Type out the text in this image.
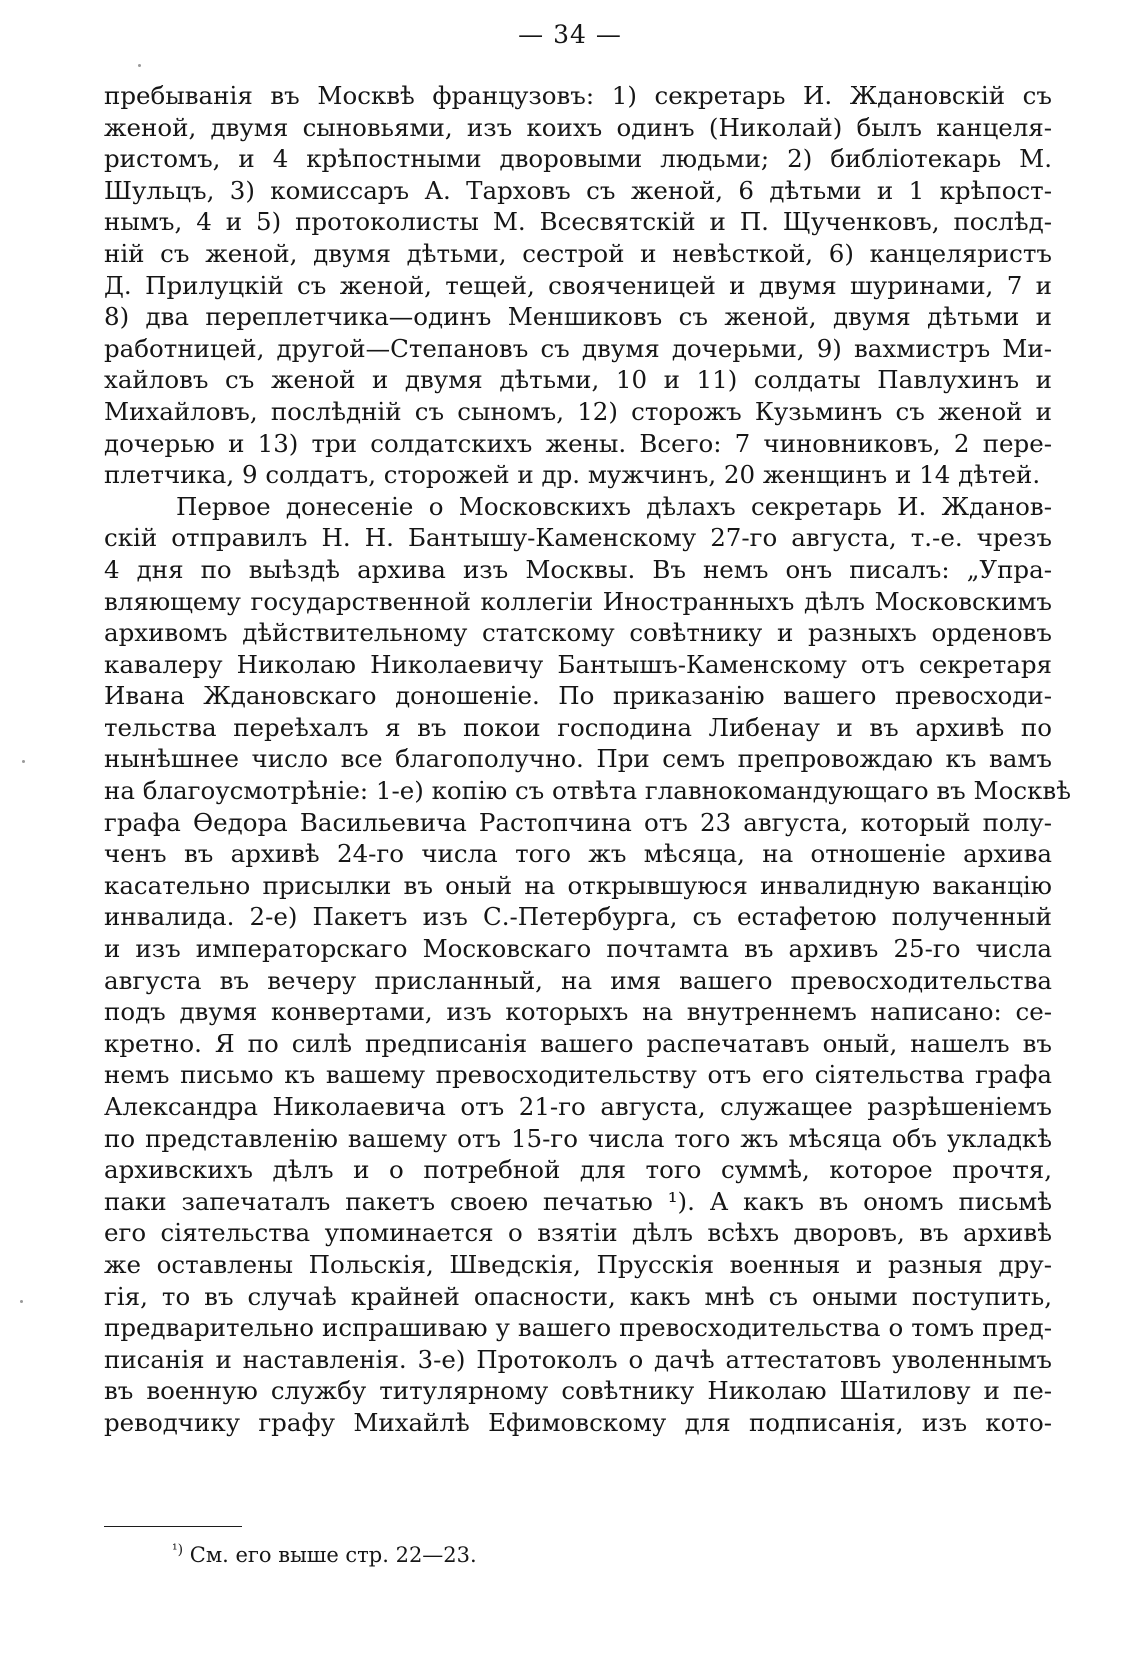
— 34 —
пребыванія въ Москвѣ французовъ: 1) секретарь И. Ждановскій съ
женой, двумя сыновьями, изъ коихъ одинъ (Николай) былъ канцеля-
ристомъ, и 4 крѣпостными дворовыми людьми; 2) библіотекарь М.
Шульцъ, 3) комиссаръ А. Тарховъ съ женой, 6 дѣтьми и 1 крѣпост-
нымъ, 4 и 5) протоколисты М. Всесвятскій и П. Щученковъ, послѣд-
ній съ женой, двумя дѣтьми, сестрой и невѣсткой, 6) канцеляристъ
Д. Прилуцкій съ женой, тещей, свояченицей и двумя шуринами, 7 и
8) два переплетчика—одинъ Меншиковъ съ женой, двумя дѣтьми и
работницей, другой—Степановъ съ двумя дочерьми, 9) вахмистръ Ми-
хайловъ съ женой и двумя дѣтьми, 10 и 11) солдаты Павлухинъ и
Михайловъ, послѣдній съ сыномъ, 12) сторожъ Кузьминъ съ женой и
дочерью и 13) три солдатскихъ жены. Всего: 7 чиновниковъ, 2 пере-
плетчика, 9 солдатъ, сторожей и др. мужчинъ, 20 женщинъ и 14 дѣтей.
Первое донесеніе о Московскихъ дѣлахъ секретарь И. Жданов-
скій отправилъ Н. Н. Бантышу-Каменскому 27-го августа, т.-е. чрезъ
4 дня по выѣздѣ архива изъ Москвы. Въ немъ онъ писалъ: „Упра-
вляющему государственной коллегіи Иностранныхъ дѣлъ Московскимъ
архивомъ дѣйствительному статскому совѣтнику и разныхъ орденовъ
кавалеру Николаю Николаевичу Бантышъ-Каменскому отъ секретаря
Ивана Ждановскаго доношеніе. По приказанію вашего превосходи-
тельства переѣхалъ я въ покои господина Либенау и въ архивѣ по
нынѣшнее число все благополучно. При семъ препровождаю къ вамъ
на благоусмотрѣніе: 1-е) копію съ отвѣта главнокомандующаго въ Москвѣ
графа Ѳедора Васильевича Растопчина отъ 23 августа, который полу-
ченъ въ архивѣ 24-го числа того жъ мѣсяца, на отношеніе архива
касательно присылки въ оный на открывшуюся инвалидную ваканцію
инвалида. 2-е) Пакетъ изъ С.-Петербурга, съ естафетою полученный
и изъ императорскаго Московскаго почтамта въ архивъ 25-го числа
августа въ вечеру присланный, на имя вашего превосходительства
подъ двумя конвертами, изъ которыхъ на внутреннемъ написано: се-
кретно. Я по силѣ предписанія вашего распечатавъ оный, нашелъ въ
немъ письмо къ вашему превосходительству отъ его сіятельства графа
Александра Николаевича отъ 21-го августа, служащее разрѣшеніемъ
по представленію вашему отъ 15-го числа того жъ мѣсяца объ укладкѣ
архивскихъ дѣлъ и о потребной для того суммѣ, которое прочтя,
паки запечаталъ пакетъ своею печатью ¹). А какъ въ ономъ письмѣ
его сіятельства упоминается о взятіи дѣлъ всѣхъ дворовъ, въ архивѣ
же оставлены Польскія, Шведскія, Прусскія военныя и разныя дру-
гія, то въ случаѣ крайней опасности, какъ мнѣ съ оными поступить,
предварительно испрашиваю у вашего превосходительства о томъ пред-
писанія и наставленія. 3-е) Протоколъ о дачѣ аттестатовъ уволеннымъ
въ военную службу титулярному совѣтнику Николаю Шатилову и пе-
реводчику графу Михайлѣ Ефимовскому для подписанія, изъ кото-
$^{^1)}$ См. его выше стр. 22—23.
